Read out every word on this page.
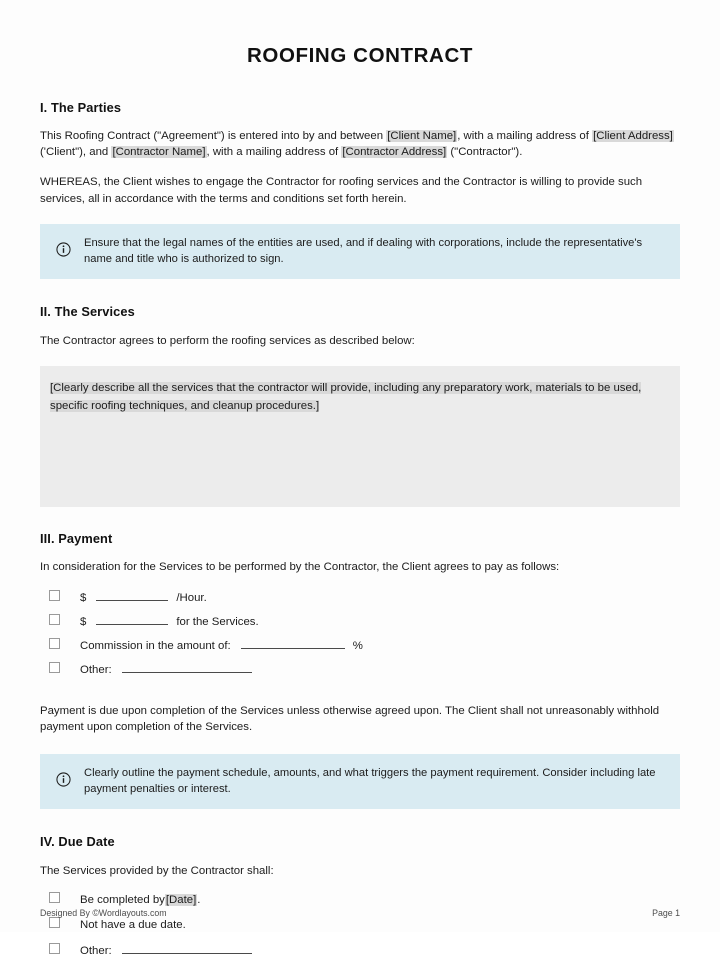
ROOFING CONTRACT
I. The Parties

This Roofing Contract ("Agreement") is entered into by and between [Client Name], with a mailing address of [Client Address] ('Client"), and [Contractor Name], with a mailing address of [Contractor Address] ("Contractor").

WHEREAS, the Client wishes to engage the Contractor for roofing services and the Contractor is willing to provide such services, all in accordance with the terms and conditions set forth herein.

Ensure that the legal names of the entities are used, and if dealing with corporations, include the representative's name and title who is authorized to sign.
II. The Services

The Contractor agrees to perform the roofing services as described below:

[Clearly describe all the services that the contractor will provide, including any preparatory work, materials to be used, specific roofing techniques, and cleanup procedures.]
III. Payment

In consideration for the Services to be performed by the Contractor, the Client agrees to pay as follows:

$	/Hour.
$	for the Services.
Commission in the amount of:	%
Other:

Payment is due upon completion of the Services unless otherwise agreed upon. The Client shall not unreasonably withhold payment upon completion of the Services.

Clearly outline the payment schedule, amounts, and what triggers the payment requirement. Consider including late payment penalties or interest.
IV. Due Date

The Services provided by the Contractor shall:

Be completed by [Date] .
Not have a due date.
Other:
Designed By ©Wordlayouts.com	Page 1
